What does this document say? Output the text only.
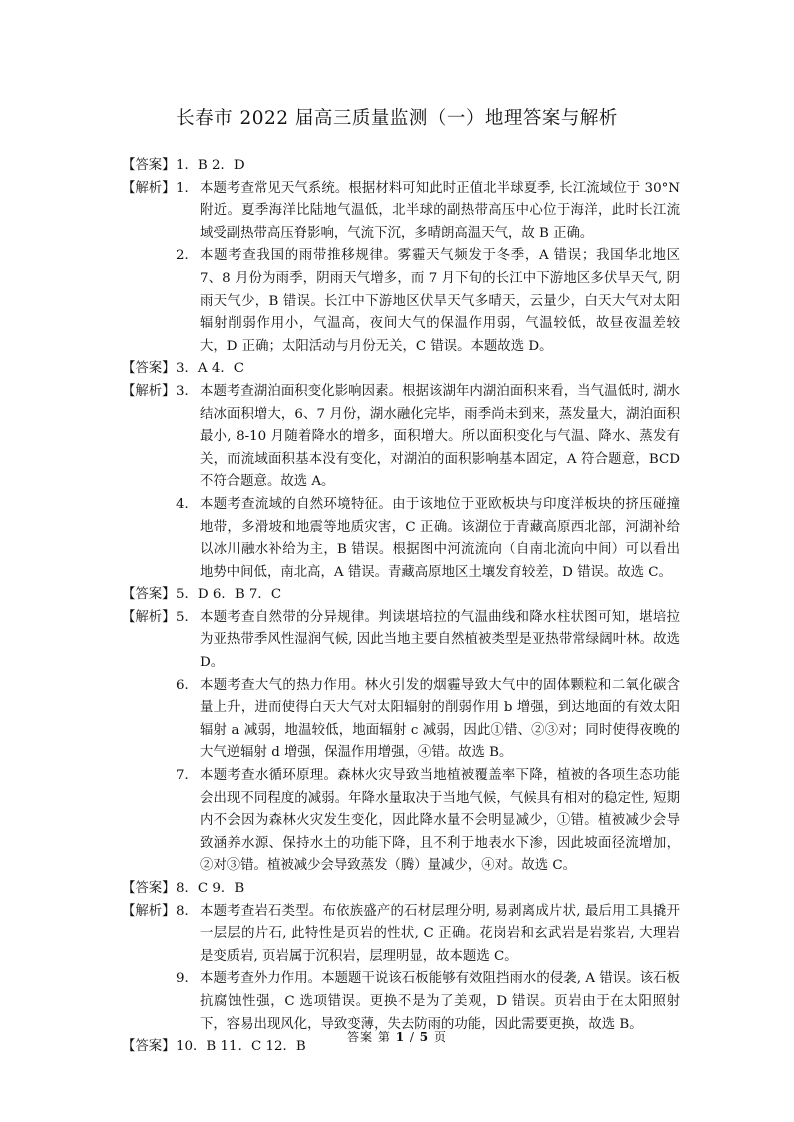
长春市 2022 届高三质量监测（一）地理答案与解析
【答案】 1．B 2．D
【解析】 1． 本题考查常见天气系统。根据材料可知此时正值北半球夏季, 长江流域位于 30°N 附近。夏季海洋比陆地气温低，北半球的副热带高压中心位于海洋，此时长江流域受副热带高压脊影响，气流下沉，多晴朗高温天气，故 B 正确。
2． 本题考查我国的雨带推移规律。雾霾天气频发于冬季，A 错误；我国华北地区 7、8 月份为雨季，阴雨天气增多，而 7 月下旬的长江中下游地区多伏旱天气, 阴雨天气少，B 错误。长江中下游地区伏旱天气多晴天，云量少，白天大气对太阳辐射削弱作用小，气温高，夜间大气的保温作用弱，气温较低，故昼夜温差较大，D 正确；太阳活动与月份无关，C 错误。本题故选 D。
【答案】 3．A 4．C
【解析】 3． 本题考查湖泊面积变化影响因素。根据该湖年内湖泊面积来看，当气温低时, 湖水结冰面积增大，6、7 月份，湖水融化完毕，雨季尚未到来，蒸发量大，湖泊面积最小, 8-10 月随着降水的增多，面积增大。所以面积变化与气温、降水、蒸发有关，而流域面积基本没有变化，对湖泊的面积影响基本固定，A 符合题意，BCD 不符合题意。故选 A。
4． 本题考查流域的自然环境特征。由于该地位于亚欧板块与印度洋板块的挤压碰撞地带，多滑坡和地震等地质灾害，C 正确。该湖位于青藏高原西北部，河湖补给以冰川融水补给为主，B 错误。根据图中河流流向（自南北流向中间）可以看出地势中间低，南北高，A 错误。青藏高原地区土壤发育较差，D 错误。故选 C。
【答案】 5．D 6．B 7．C
【解析】 5． 本题考查自然带的分异规律。判读堪培拉的气温曲线和降水柱状图可知，堪培拉为亚热带季风性湿润气候, 因此当地主要自然植被类型是亚热带常绿阔叶林。故选 D。
6． 本题考查大气的热力作用。林火引发的烟霾导致大气中的固体颗粒和二氧化碳含量上升，进而使得白天大气对太阳辐射的削弱作用 b 增强，到达地面的有效太阳辐射 a 减弱，地温较低，地面辐射 c 减弱，因此①错、②③对；同时使得夜晚的大气逆辐射 d 增强，保温作用增强，④错。故选 B。
7． 本题考查水循环原理。森林火灾导致当地植被覆盖率下降，植被的各项生态功能会出现不同程度的减弱。年降水量取决于当地气候，气候具有相对的稳定性, 短期内不会因为森林火灾发生变化，因此降水量不会明显减少，①错。植被减少会导致涵养水源、保持水土的功能下降，且不利于地表水下渗，因此坡面径流增加，②对③错。植被减少会导致蒸发（腾）量减少，④对。故选 C。
【答案】 8．C 9．B
【解析】 8． 本题考查岩石类型。布依族盛产的石材层理分明, 易剥离成片状, 最后用工具撬开一层层的片石, 此特性是页岩的性状, C 正确。花岗岩和玄武岩是岩浆岩, 大理岩是变质岩, 页岩属于沉积岩，层理明显，故本题选 C。
9． 本题考查外力作用。本题题干说该石板能够有效阻挡雨水的侵袭, A 错误。该石板抗腐蚀性强，C 选项错误。更换不是为了美观，D 错误。页岩由于在太阳照射下，容易出现风化，导致变薄，失去防雨的功能，因此需要更换，故选 B。
【答案】 10．B 11．C 12．B
答案 第 1 / 5 页
